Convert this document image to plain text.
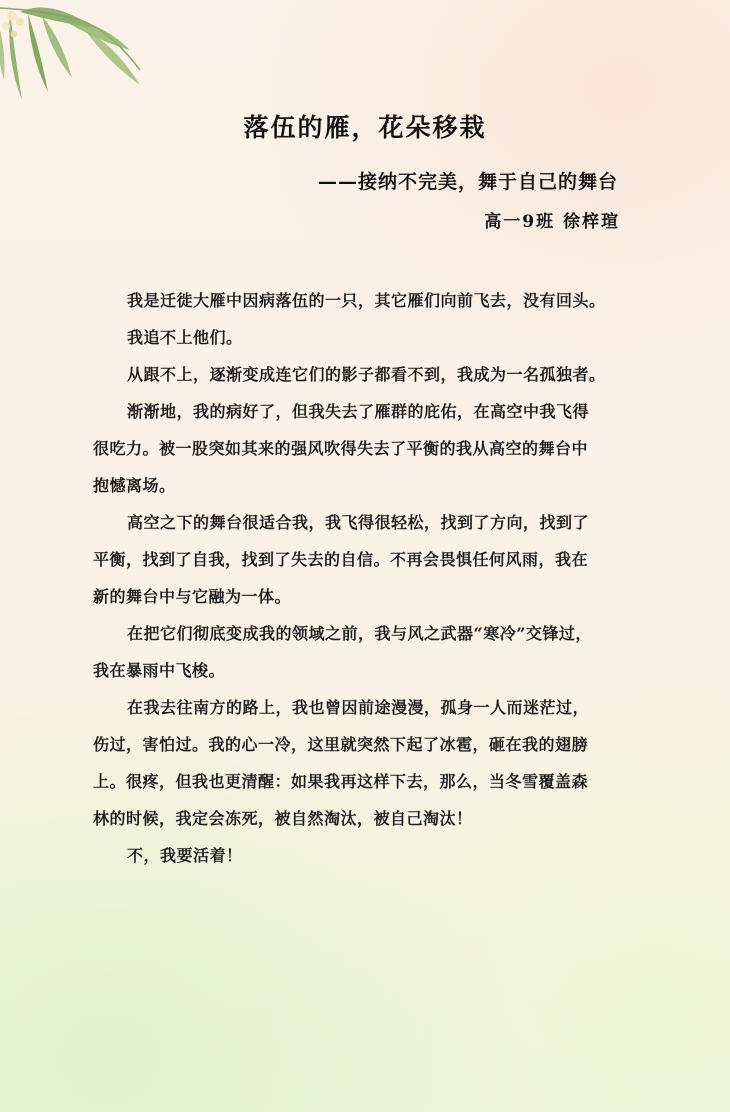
落伍的雁，花朵移栽
——接纳不完美，舞于自己的舞台
高一9班 徐梓瑄
我是迁徙大雁中因病落伍的一只，其它雁们向前飞去，没有回头。
我追不上他们。
从跟不上，逐渐变成连它们的影子都看不到，我成为一名孤独者。
渐渐地，我的病好了，但我失去了雁群的庇佑，在高空中我飞得
很吃力。被一股突如其来的强风吹得失去了平衡的我从高空的舞台中
抱憾离场。
高空之下的舞台很适合我，我飞得很轻松，找到了方向，找到了
平衡，找到了自我，找到了失去的自信。不再会畏惧任何风雨，我在
新的舞台中与它融为一体。
在把它们彻底变成我的领域之前，我与风之武器“寒冷”交锋过，
我在暴雨中飞梭。
在我去往南方的路上，我也曾因前途漫漫，孤身一人而迷茫过，
伤过，害怕过。我的心一冷，这里就突然下起了冰雹，砸在我的翅膀
上。很疼，但我也更清醒：如果我再这样下去，那么，当冬雪覆盖森
林的时候，我定会冻死，被自然淘汰，被自己淘汰！
不，我要活着！
